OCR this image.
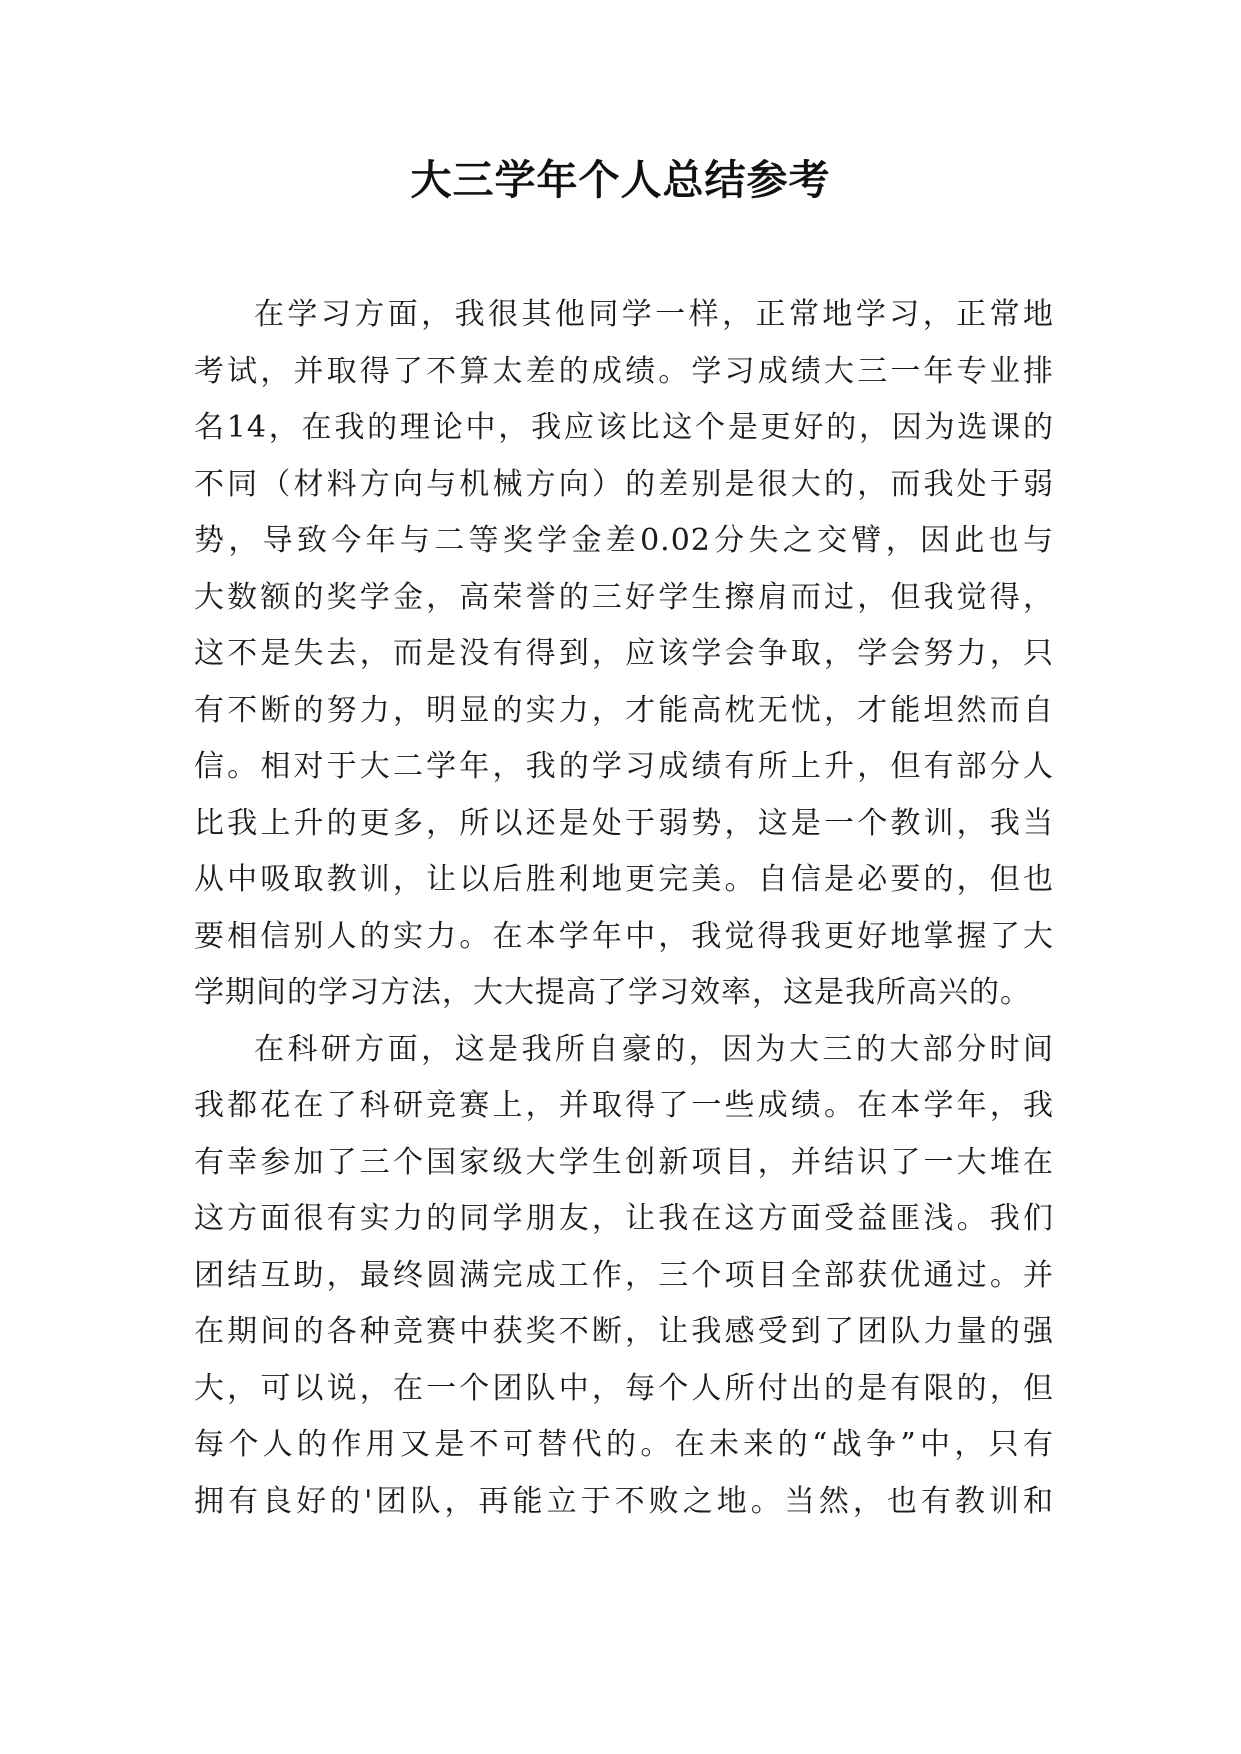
大三学年个人总结参考
在学习方面，我很其他同学一样，正常地学习，正常地
考试，并取得了不算太差的成绩。学习成绩大三一年专业排
名14，在我的理论中，我应该比这个是更好的，因为选课的
不同（材料方向与机械方向）的差别是很大的，而我处于弱
势，导致今年与二等奖学金差0.02分失之交臂，因此也与
大数额的奖学金，高荣誉的三好学生擦肩而过，但我觉得，
这不是失去，而是没有得到，应该学会争取，学会努力，只
有不断的努力，明显的实力，才能高枕无忧，才能坦然而自
信。相对于大二学年，我的学习成绩有所上升，但有部分人
比我上升的更多，所以还是处于弱势，这是一个教训，我当
从中吸取教训，让以后胜利地更完美。自信是必要的，但也
要相信别人的实力。在本学年中，我觉得我更好地掌握了大
学期间的学习方法，大大提高了学习效率，这是我所高兴的。
在科研方面，这是我所自豪的，因为大三的大部分时间
我都花在了科研竞赛上，并取得了一些成绩。在本学年，我
有幸参加了三个国家级大学生创新项目，并结识了一大堆在
这方面很有实力的同学朋友，让我在这方面受益匪浅。我们
团结互助，最终圆满完成工作，三个项目全部获优通过。并
在期间的各种竞赛中获奖不断，让我感受到了团队力量的强
大，可以说，在一个团队中，每个人所付出的是有限的，但
每个人的作用又是不可替代的。在未来的“战争”中，只有
拥有良好的'团队，再能立于不败之地。当然，也有教训和
